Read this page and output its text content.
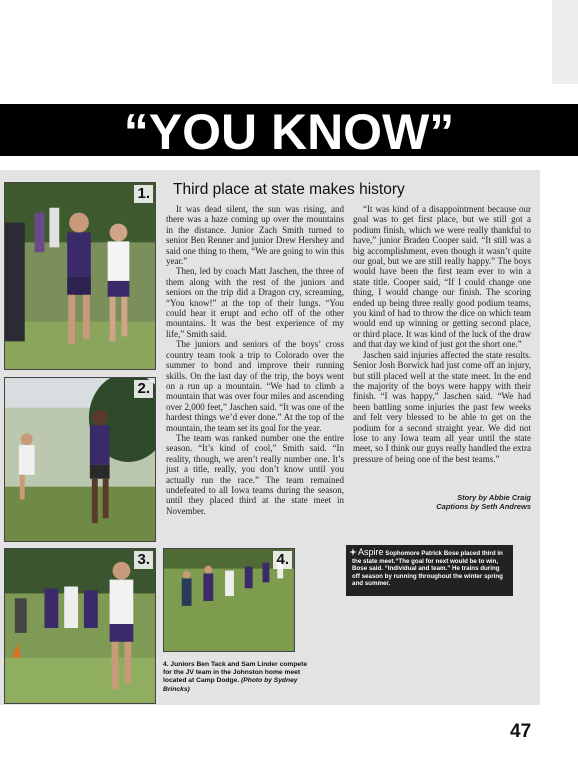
“YOU KNOW”
1.
2.
3.	4.
Third place at state makes history

It was dead silent, the sun was rising, and there was a haze coming up over the mountains in the distance. Junior Zach Smith turned to senior Ben Renner and junior Drew Hershey and said one thing to them, “We are going to win this year.”

Then, led by coach Matt Jaschen, the three of them along with the rest of the juniors and seniors on the trip did a Dragon cry, screaming, “You know!” at the top of their lungs. “You could hear it erupt and echo off of the other mountains. It was the best experience of my life,” Smith said.

The juniors and seniors of the boys’ cross country team took a trip to Colorado over the summer to bond and improve their running skills. On the last day of the trip, the boys went on a run up a mountain. “We had to climb a mountain that was over four miles and ascending over 2,000 feet,” Jaschen said. “It was one of the hardest things we’d ever done.” At the top of the mountain, the team set its goal for the year.

The team was ranked number one the entire season. “It’s kind of cool,” Smith said. “In reality, though, we aren’t really number one. It’s just a title, really, you don’t know until you actually run the race.” The team remained undefeated to all Iowa teams during the season, until they placed third at the state meet in November.

“It was kind of a disappointment because our goal was to get first place, but we still got a podium finish, which we were really thankful to have,” junior Braden Cooper said. “It still was a big accomplishment, even though it wasn’t quite our goal, but we are still really happy.” The boys would have been the first team ever to win a state title. Cooper said, “If I could change one thing, I would change our finish. The scoring ended up being three really good podium teams, you kind of had to throw the dice on which team would end up winning or getting second place, or third place. It was kind of the luck of the draw and that day we kind of just got the short one.”

Jaschen said injuries affected the state results. Senior Josh Borwick had just come off an injury, but still placed well at the state meet. In the end the majority of the boys were happy with their finish. “I was happy,” Jaschen said. “We had been battling some injuries the past few weeks and felt very blessed to be able to get on the podium for a second straight year. We did not lose to any Iowa team all year until the state meet, so I think our guys really handled the extra pressure of being one of the best teams.”

Story by Abbie Craig
Captions by Seth Andrews
Aspire Sophomore Patrick Bose placed third in the state meet.“The goal for next would be to win, Bose said. “Individual and team.” He trains during off season by running throughout the winter spring and summer.
4. Juniors Ben Tack and Sam Linder compete for the JV team in the Johnston home meet located at Camp Dodge. (Photo by Sydney Brincks)
47
